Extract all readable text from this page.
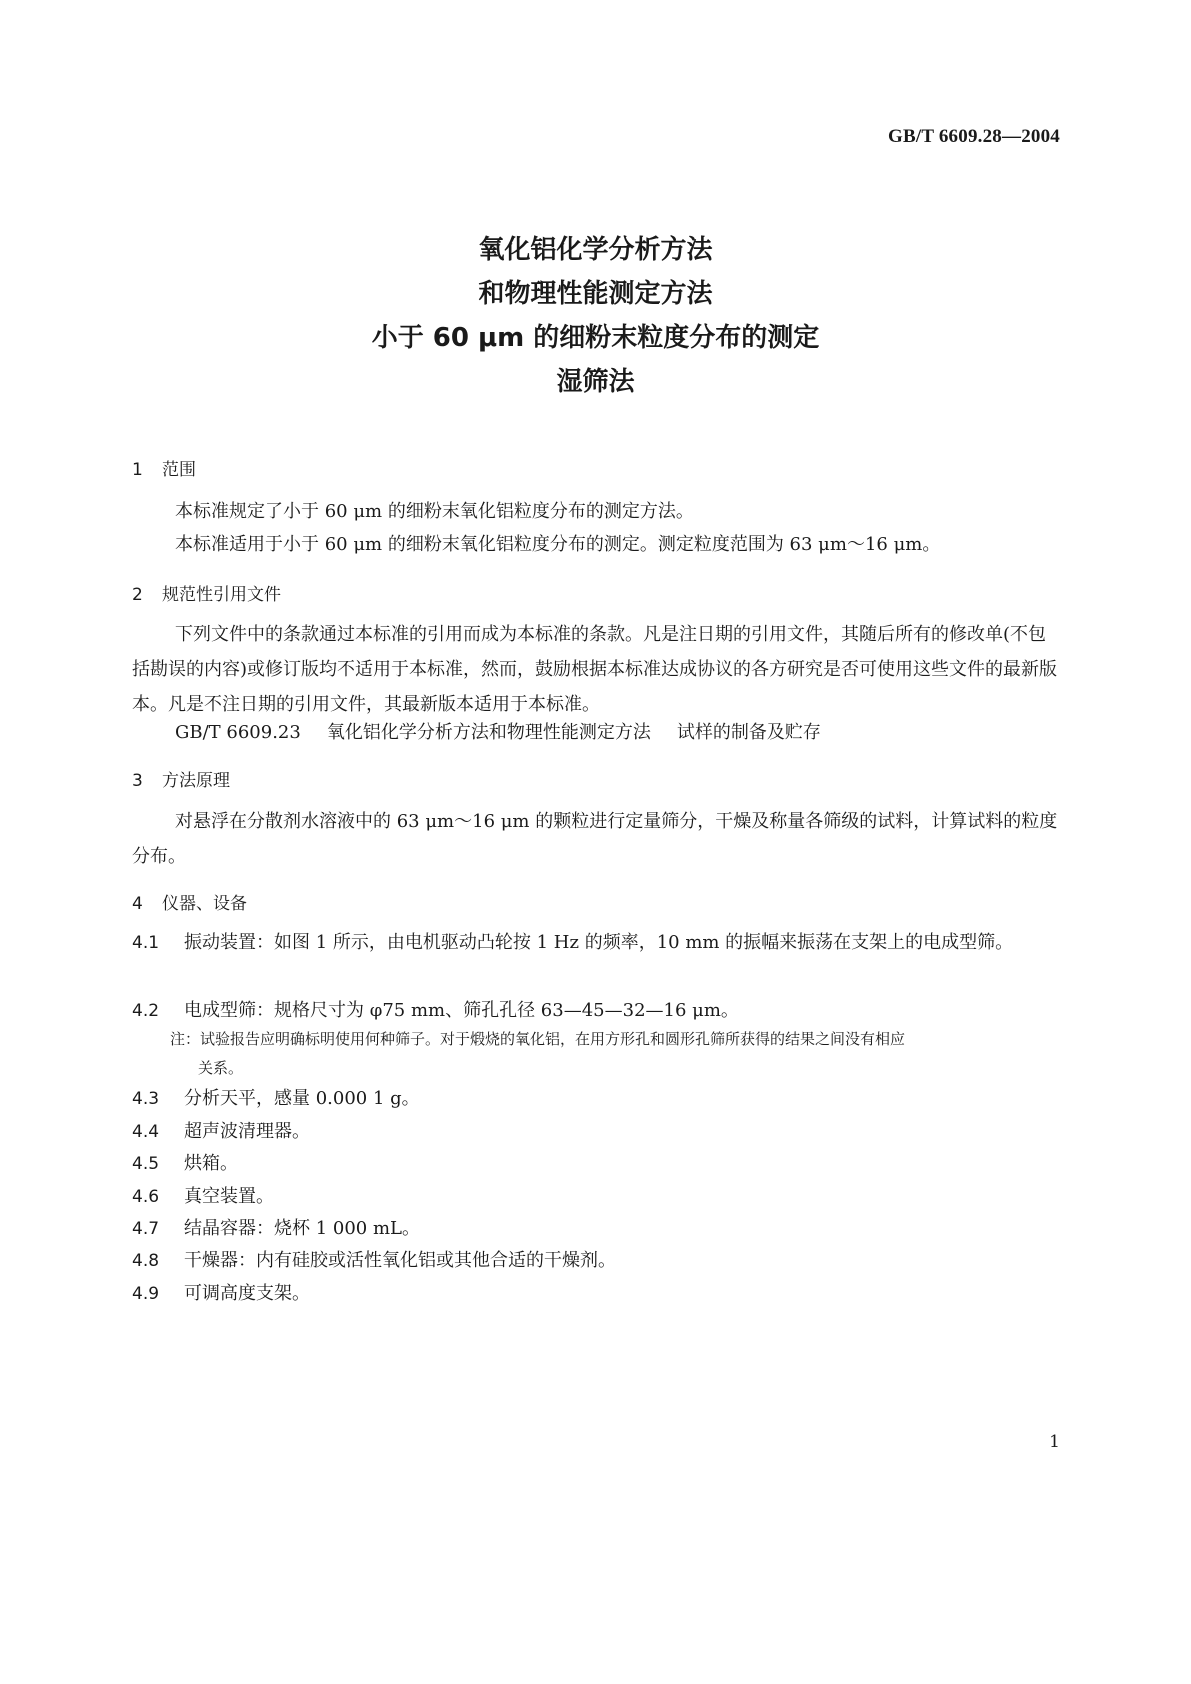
GB/T 6609.28—2004
氧化铝化学分析方法
和物理性能测定方法
小于 60 μm 的细粉末粒度分布的测定
湿筛法
1 范围
本标准规定了小于 60 μm 的细粉末氧化铝粒度分布的测定方法。
本标准适用于小于 60 μm 的细粉末氧化铝粒度分布的测定。测定粒度范围为 63 μm～16 μm。
2 规范性引用文件
下列文件中的条款通过本标准的引用而成为本标准的条款。凡是注日期的引用文件，其随后所有的修改单(不包括勘误的内容)或修订版均不适用于本标准，然而，鼓励根据本标准达成协议的各方研究是否可使用这些文件的最新版本。凡是不注日期的引用文件，其最新版本适用于本标准。
GB/T 6609.23 氧化铝化学分析方法和物理性能测定方法 试样的制备及贮存
3 方法原理
对悬浮在分散剂水溶液中的 63 μm～16 μm 的颗粒进行定量筛分，干燥及称量各筛级的试料，计算试料的粒度分布。
4 仪器、设备
4.1 振动装置：如图 1 所示，由电机驱动凸轮按 1 Hz 的频率，10 mm 的振幅来振荡在支架上的电成型筛。
4.2 电成型筛：规格尺寸为 φ75 mm、筛孔孔径 63—45—32—16 μm。
注：试验报告应明确标明使用何种筛子。对于煅烧的氧化铝，在用方形孔和圆形孔筛所获得的结果之间没有相应
关系。
4.3 分析天平，感量 0.000 1 g。
4.4 超声波清理器。
4.5 烘箱。
4.6 真空装置。
4.7 结晶容器：烧杯 1 000 mL。
4.8 干燥器：内有硅胶或活性氧化铝或其他合适的干燥剂。
4.9 可调高度支架。
1
